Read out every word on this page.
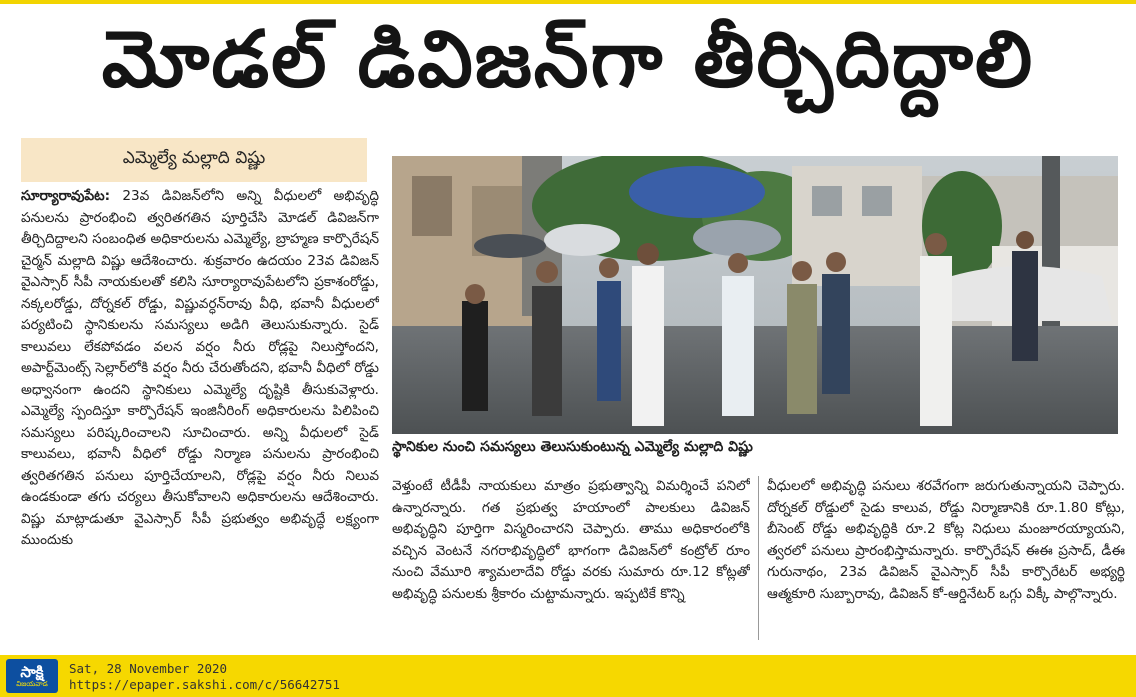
మోడల్ డివిజన్‌గా తీర్చిదిద్దాలి
ఎమ్మెల్యే మల్లాది విష్ణు

సూర్యారావుపేట: 23వ డివిజన్‌లోని అన్ని వీధులలో అభివృద్ధి పనులను ప్రారంభించి త్వరితగతిన పూర్తిచేసి మోడల్ డివిజన్‌గా తీర్చిదిద్దాలని సంబంధిత అధికారులను ఎమ్మెల్యే, బ్రాహ్మణ కార్పొరేషన్ చైర్మన్ మల్లాది విష్ణు ఆదేశించారు. శుక్రవారం ఉదయం 23వ డివిజన్ వైఎస్సార్ సీపీ నాయకులతో కలిసి సూర్యారావుపేటలోని ప్రకాశంరోడ్డు, నక్కలరోడ్డు, దోర్నకల్ రోడ్డు, విష్ణువర్ధన్‌రావు వీధి, భవానీ వీధులలో పర్యటించి స్థానికులను సమస్యలు అడిగి తెలుసుకున్నారు. సైడ్ కాలువలు లేకపోవడం వలన వర్షం నీరు రోడ్లపై నిలుస్తోందని, అపార్ట్‌మెంట్స్ సెల్లార్‌లోకి వర్షం నీరు చేరుతోందని, భవానీ వీధిలో రోడ్డు అధ్వానంగా ఉందని స్థానికులు ఎమ్మెల్యే దృష్టికి తీసుకువెళ్లారు. ఎమ్మెల్యే స్పందిస్తూ కార్పొరేషన్ ఇంజినీరింగ్ అధికారులను పిలిపించి సమస్యలు పరిష్కరించాలని సూచించారు. అన్ని వీధులలో సైడ్ కాలువలు, భవానీ వీధిలో రోడ్డు నిర్మాణ పనులను ప్రారంభించి త్వరితగతిన పనులు పూర్తిచేయాలని, రోడ్లపై వర్షం నీరు నిలువ ఉండకుండా తగు చర్యలు తీసుకోవాలని అధికారులను ఆదేశించారు. విష్ణు మాట్లాడుతూ వైఎస్సార్ సీపీ ప్రభుత్వం అభివృద్ధే లక్ష్యంగా ముందుకు

స్థానికుల నుంచి సమస్యలు తెలుసుకుంటున్న ఎమ్మెల్యే మల్లాది విష్ణు

వెళ్తుంటే టీడీపీ నాయకులు మాత్రం ప్రభుత్వాన్ని విమర్శించే పనిలో ఉన్నారన్నారు. గత ప్రభుత్వ హయాంలో పాలకులు డివిజన్ అభివృద్ధిని పూర్తిగా విస్మరించారని చెప్పారు. తాము అధికారంలోకి వచ్చిన వెంటనే నగరాభివృద్ధిలో భాగంగా డివిజన్‌లో కంట్రోల్ రూం నుంచి వేమూరి శ్యామలాదేవి రోడ్డు వరకు సుమారు రూ.12 కోట్లతో అభివృద్ధి పనులకు శ్రీకారం చుట్టామన్నారు. ఇప్పటికే కొన్ని

వీధులలో అభివృద్ధి పనులు శరవేగంగా జరుగుతున్నాయని చెప్పారు. దోర్నకల్ రోడ్డులో సైడు కాలువ, రోడ్డు నిర్మాణానికి రూ.1.80 కోట్లు, బీసెంట్ రోడ్డు అభివృద్ధికి రూ.2 కోట్ల నిధులు మంజూరయ్యాయని, త్వరలో పనులు ప్రారంభిస్తామన్నారు. కార్పొరేషన్ ఈఈ ప్రసాద్, డీఈ గురునాథం, 23వ డివిజన్ వైఎస్సార్ సీపీ కార్పొరేటర్ అభ్యర్థి ఆత్మకూరి సుబ్బారావు, డివిజన్ కో-ఆర్డినేటర్ ఒగ్గు విక్కీ పాల్గొన్నారు.

సాక్షి
విజయవాడ
Sat, 28 November 2020
https://epaper.sakshi.com/c/56642751
